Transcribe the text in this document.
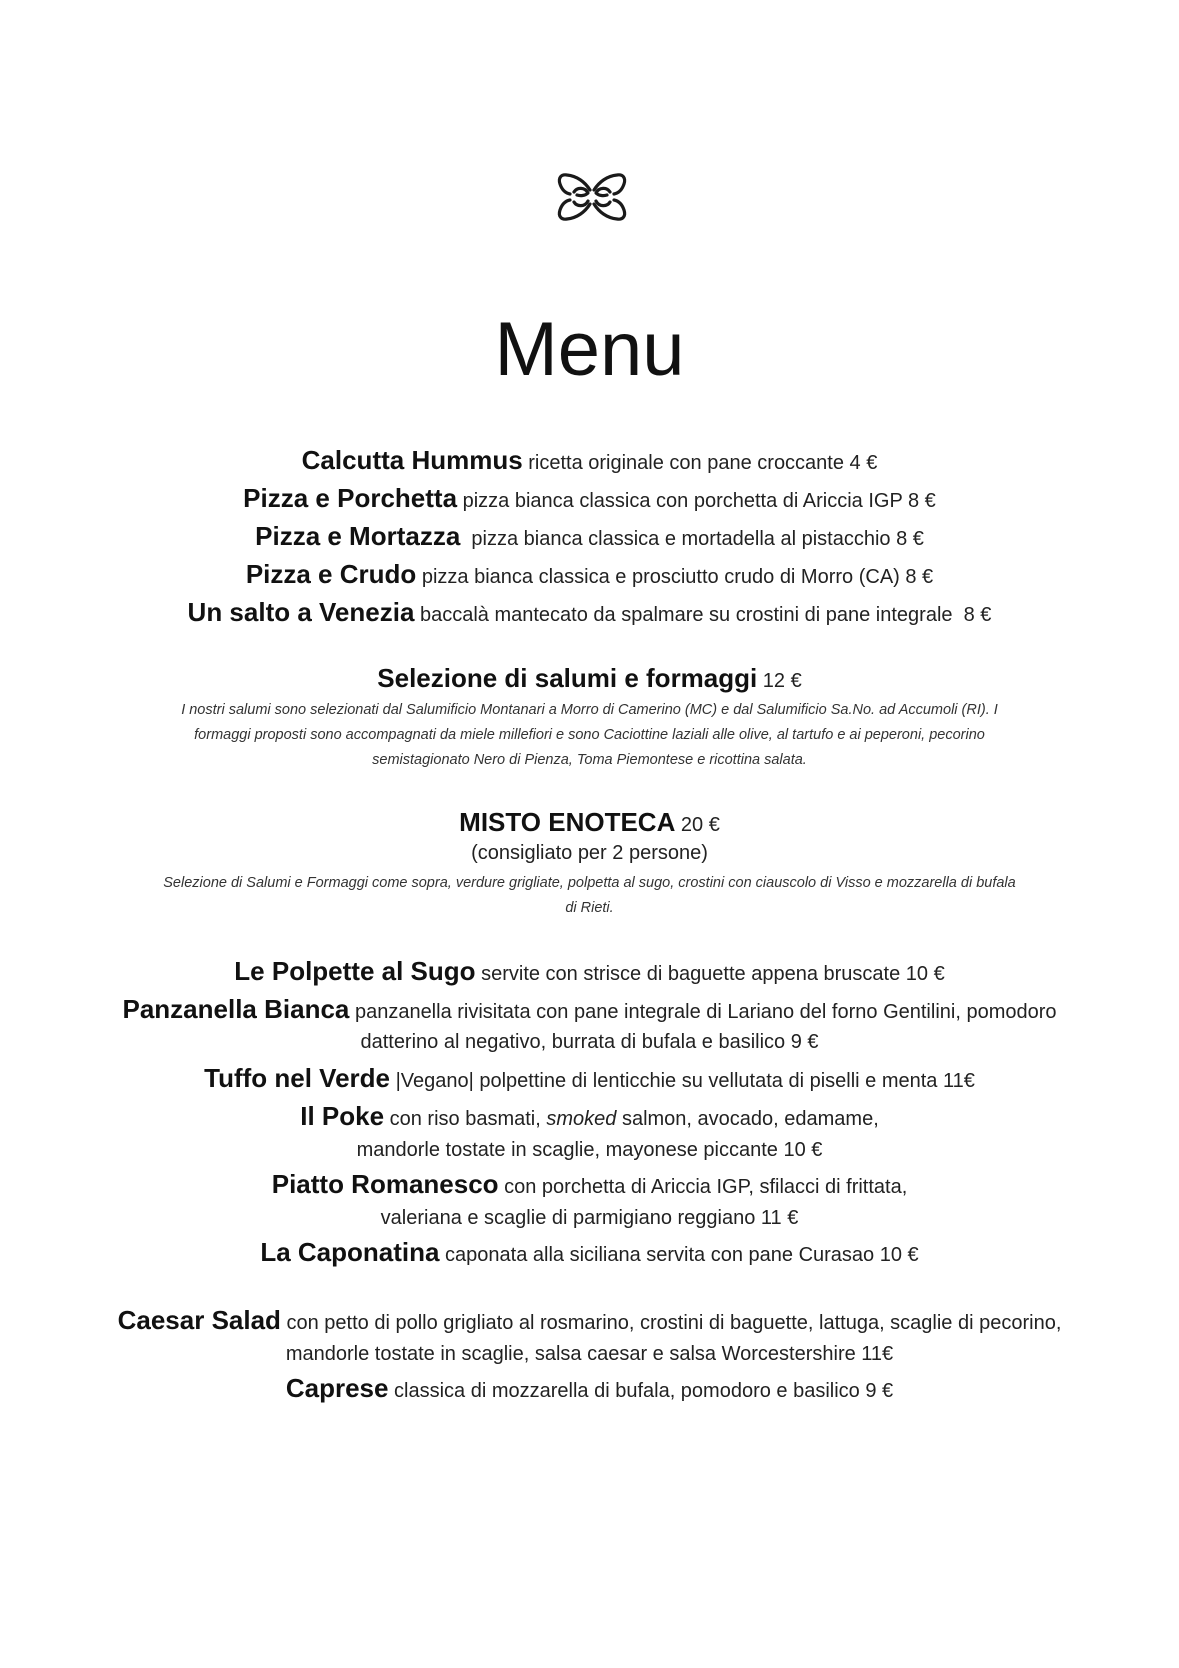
Menu
Calcutta Hummus ricetta originale con pane croccante 4 €
Pizza e Porchetta pizza bianca classica con porchetta di Ariccia IGP 8 €
Pizza e Mortazza  pizza bianca classica e mortadella al pistacchio 8 €
Pizza e Crudo pizza bianca classica e prosciutto crudo di Morro (CA) 8 €
Un salto a Venezia baccalà mantecato da spalmare su crostini di pane integrale  8 €
Selezione di salumi e formaggi 12 €
I nostri salumi sono selezionati dal Salumificio Montanari a Morro di Camerino (MC) e dal Salumificio Sa.No. ad Accumoli (RI). I
formaggi proposti sono accompagnati da miele millefiori e sono Caciottine laziali alle olive, al tartufo e ai peperoni, pecorino
semistagionato Nero di Pienza, Toma Piemontese e ricottina salata.
MISTO ENOTECA 20 €
(consigliato per 2 persone)
Selezione di Salumi e Formaggi come sopra, verdure grigliate, polpetta al sugo, crostini con ciauscolo di Visso e mozzarella di bufala
di Rieti.
Le Polpette al Sugo servite con strisce di baguette appena bruscate 10 €
Panzanella Bianca panzanella rivisitata con pane integrale di Lariano del forno Gentilini, pomodoro
datterino al negativo, burrata di bufala e basilico 9 €
Tuffo nel Verde |Vegano| polpettine di lenticchie su vellutata di piselli e menta 11€
Il Poke con riso basmati, smoked salmon, avocado, edamame,
mandorle tostate in scaglie, mayonese piccante 10 €
Piatto Romanesco con porchetta di Ariccia IGP, sfilacci di frittata,
valeriana e scaglie di parmigiano reggiano 11 €
La Caponatina caponata alla siciliana servita con pane Curasao 10 €
Caesar Salad con petto di pollo grigliato al rosmarino, crostini di baguette, lattuga, scaglie di pecorino,
mandorle tostate in scaglie, salsa caesar e salsa Worcestershire 11€
Caprese classica di mozzarella di bufala, pomodoro e basilico 9 €
